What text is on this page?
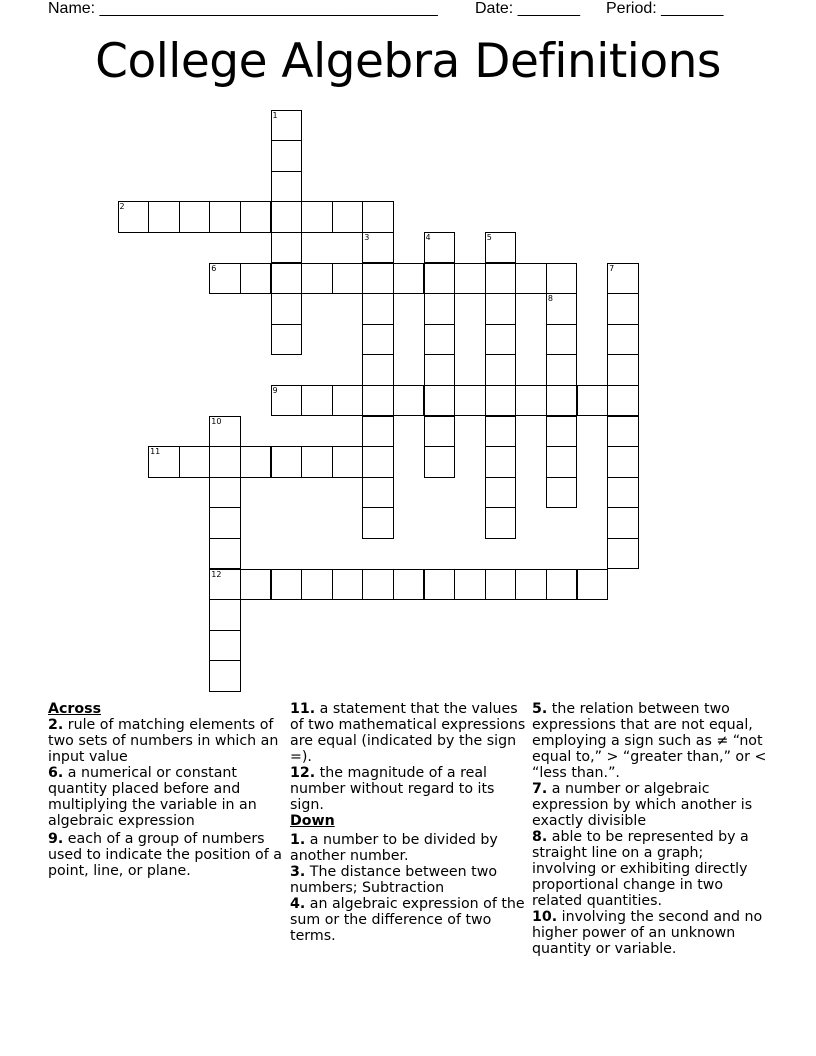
Name: ______________________________________

Date: _______

Period: _______

College Algebra Definitions
1
2
3	4	5
6	7
8
9
10
12
11
Across

2. rule of matching elements of two sets of numbers in which an input value

6. a numerical or constant quantity placed before and multiplying the variable in an algebraic expression

9. each of a group of numbers used to indicate the position of a point, line, or plane.

11. a statement that the values of two mathematical expressions are equal (indicated by the sign =).

12. the magnitude of a real number without regard to its sign.

Down

1. a number to be divided by another number.

3. The distance between two numbers; Subtraction

4. an algebraic expression of the sum or the difference of two terms.

5. the relation between two expressions that are not equal, employing a sign such as ≠ “not equal to,” > “greater than,” or < “less than.”.

7. a number or algebraic expression by which another is exactly divisible

8. able to be represented by a straight line on a graph; involving or exhibiting directly proportional change in two related quantities.

10. involving the second and no higher power of an unknown quantity or variable.
